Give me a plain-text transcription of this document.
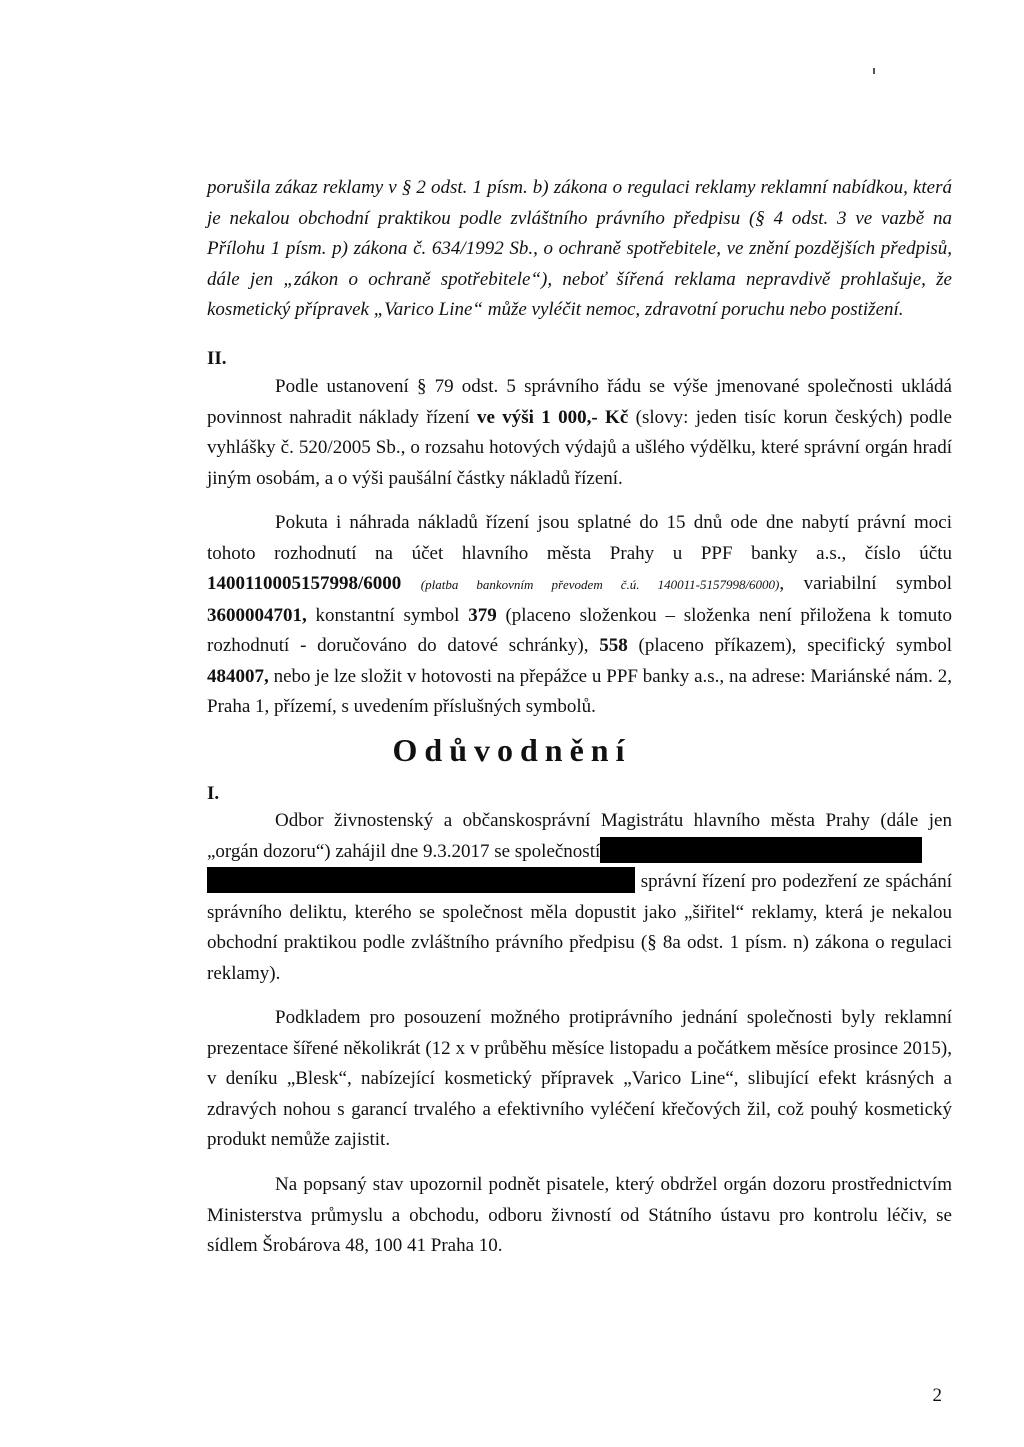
porušila zákaz reklamy v § 2 odst. 1 písm. b) zákona o regulaci reklamy reklamní nabídkou, která je nekalou obchodní praktikou podle zvláštního právního předpisu (§ 4 odst. 3 ve vazbě na Přílohu 1 písm. p) zákona č. 634/1992 Sb., o ochraně spotřebitele, ve znění pozdějších předpisů, dále jen „zákon o ochraně spotřebitele“), neboť šířená reklama nepravdivě prohlašuje, že kosmetický přípravek „Varico Line“ může vyléčit nemoc, zdravotní poruchu nebo postižení.

II.

Podle ustanovení § 79 odst. 5 správního řádu se výše jmenované společnosti ukládá povinnost nahradit náklady řízení ve výši 1 000,- Kč (slovy: jeden tisíc korun českých) podle vyhlášky č. 520/2005 Sb., o rozsahu hotových výdajů a ušlého výdělku, které správní orgán hradí jiným osobám, a o výši paušální částky nákladů řízení.

Pokuta i náhrada nákladů řízení jsou splatné do 15 dnů ode dne nabytí právní moci tohoto rozhodnutí na účet hlavního města Prahy u PPF banky a.s., číslo účtu 1400110005157998/6000 (platba bankovním převodem č.ú. 140011-5157998/6000), variabilní symbol 3600004701, konstantní symbol 379 (placeno složenkou – složenka není přiložena k tomuto rozhodnutí - doručováno do datové schránky), 558 (placeno příkazem), specifický symbol 484007, nebo je lze složit v hotovosti na přepážce u PPF banky a.s., na adrese: Mariánské nám. 2, Praha 1, přízemí, s uvedením příslušných symbolů.

Odůvodnění

I.

Odbor živnostenský a občanskosprávní Magistrátu hlavního města Prahy (dále jen „orgán dozoru“) zahájil dne 9.3.2017 se společností
správní řízení pro podezření ze spáchání správního deliktu, kterého se společnost měla dopustit jako „šiřitel“ reklamy, která je nekalou obchodní praktikou podle zvláštního právního předpisu (§ 8a odst. 1 písm. n) zákona o regulaci reklamy).

Podkladem pro posouzení možného protiprávního jednání společnosti byly reklamní prezentace šířené několikrát (12 x v průběhu měsíce listopadu a počátkem měsíce prosince 2015), v deníku „Blesk“, nabízející kosmetický přípravek „Varico Line“, slibující efekt krásných a zdravých nohou s garancí trvalého a efektivního vyléčení křečových žil, což pouhý kosmetický produkt nemůže zajistit.

Na popsaný stav upozornil podnět pisatele, který obdržel orgán dozoru prostřednictvím Ministerstva průmyslu a obchodu, odboru živností od Státního ústavu pro kontrolu léčiv, se sídlem Šrobárova 48, 100 41 Praha 10.

2
